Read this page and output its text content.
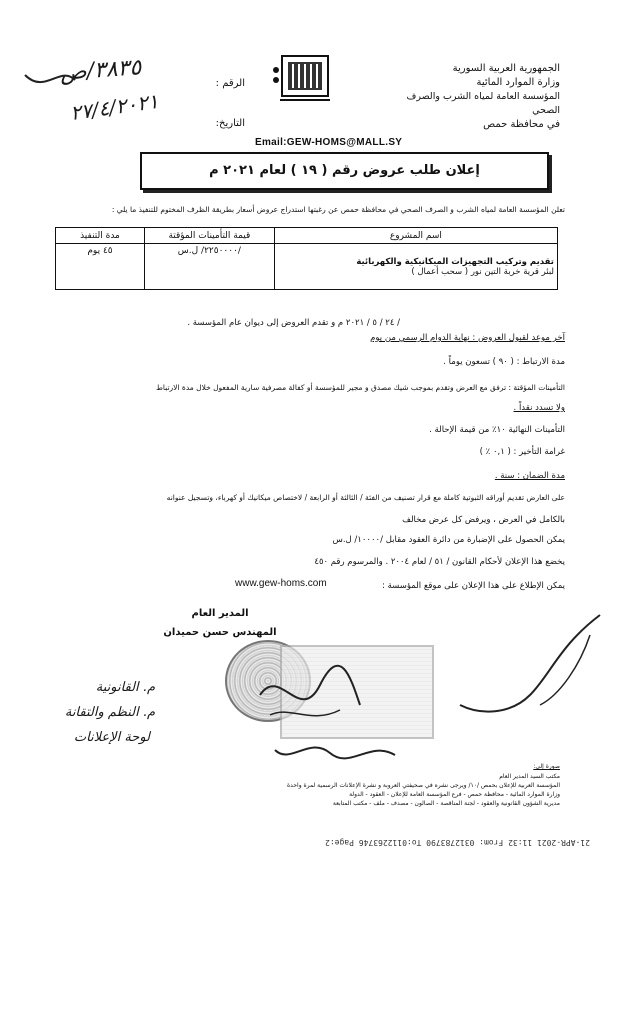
الجمهورية العربية السورية
وزارة الموارد المائية
المؤسسة العامة لمياه الشرب والصرف الصحي
في محافظة حمص
الرقم :
التاريخ:
٣٨٣٥/ص
٢٧/٤/٢٠٢١
Email:GEW-HOMS@MALL.SY
إعلان طلب عروض رقم ( ١٩ ) لعام ٢٠٢١ م
تعلن المؤسسة العامة لمياه الشرب و الصرف الصحي في محافظة حمص عن رغبتها استدراج عروض أسعار بطريقة الظرف المختوم للتنفيذ ما يلي :
اسم المشروع	قيمة التأمينات المؤقتة	مدة التنفيذ

تقديم وتركيب التجهيزات الميكانيكية والكهربائية
لبئر قرية خربة التين نور ( سحب أعمال )	/٢٢٥٠٠٠٠/ ل.س	٤٥ يوم
آخر موعد لقبول العروض : نهاية الدوام الرسمي من يوم
/ ٢٤ / ٥ / ٢٠٢١ م و تقدم العروض إلى ديوان عام المؤسسة .
مدة الارتباط : ( ٩٠ ) تسعون يوماً .
التأمينات المؤقتة : ترفق مع العرض وتقدم بموجب شيك مصدق و مجير للمؤسسة أو كفالة مصرفية سارية المفعول خلال مدة الارتباط
ولا تسدد نقداً .
التأمينات النهائية ١٠٪ من قيمة الإحالة .
غرامة التأخير : ( ٠,١ ٪ )
مدة الضمان : سنة .
على العارض تقديم أوراقه الثبوتية كاملة مع قرار تصنيف من الفئة / الثالثة أو الرابعة / لاختصاص ميكانيك أو كهرباء، وتسجيل عنوانه
بالكامل في العرض ، ويرفض كل عرض مخالف
يمكن الحصول على الإضبارة من دائرة العقود مقابل /١٠٠٠٠/ ل.س
يخضع هذا الإعلان لأحكام القانون / ٥١ / لعام ٢٠٠٤ . والمرسوم رقم ٤٥٠
يمكن الإطلاع على هذا الإعلان على موقع المؤسسة :
www.gew-homs.com
المدير العام
المهندس حسن حميدان
م. القانونية
م. النظم والتقانة
لوحة الإعلانات
صورة إلى:
مكتب السيد المدير العام
المؤسسة العربية للإعلان بحمص /١٠/ ويرجى نشره في صحيفتي العروبة و نشرة الإعلانات الرسمية لمرة واحدة
وزارة الموارد المائية - محافظة حمص - فرع المؤسسة العامة للإعلان - العقود - الدولة
مديرية الشؤون القانونية والعقود - لجنة المناقصة - الصالون - مصدف - ملف - مكتب المتابعة
21-APR-2021 11:32 From: 0312783790 To:0112263746 Page:2
